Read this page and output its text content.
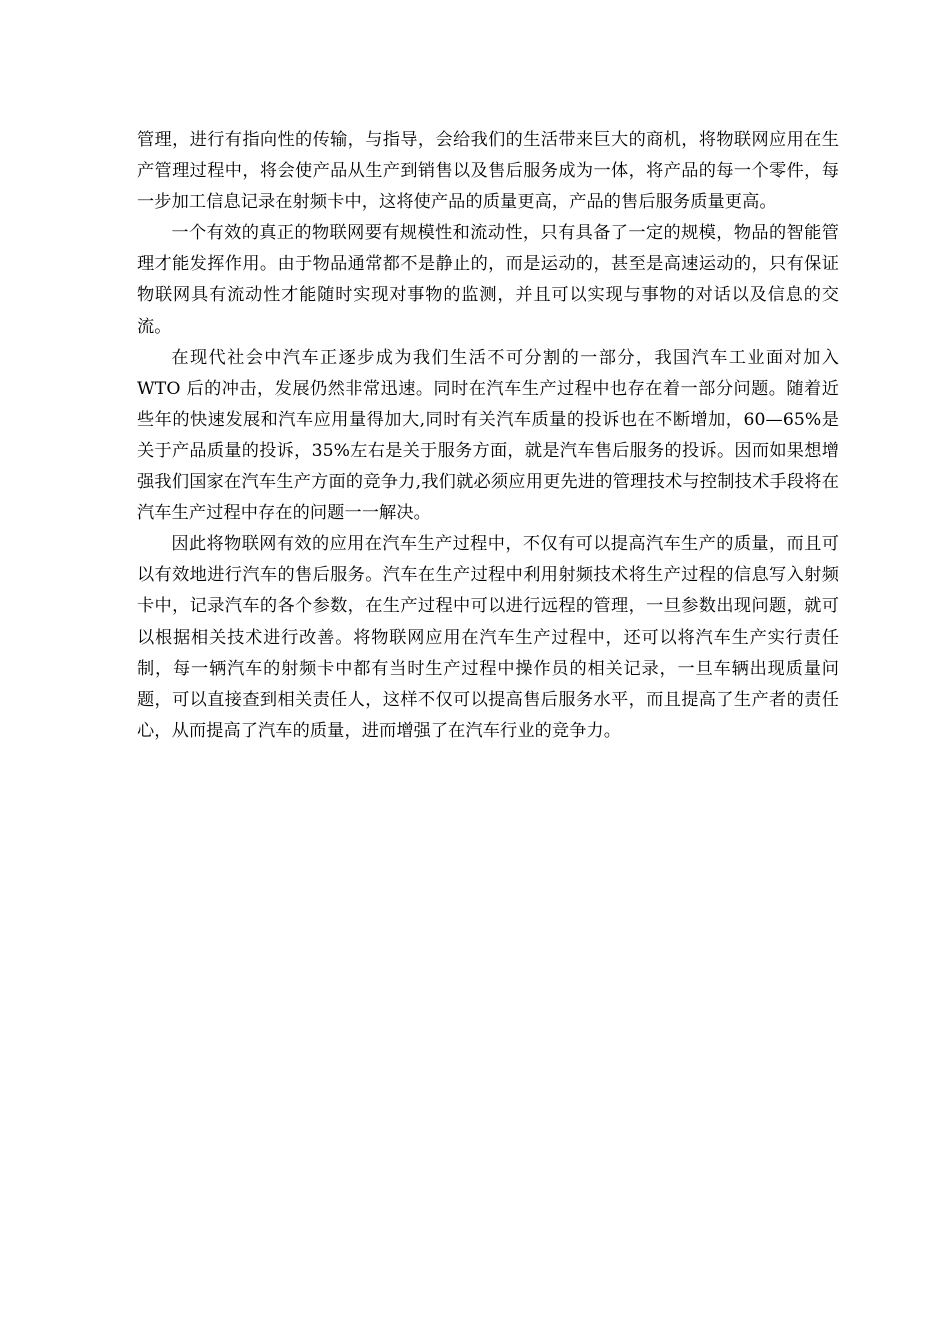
管理，进行有指向性的传输，与指导，会给我们的生活带来巨大的商机，将物联网应用在生产管理过程中，将会使产品从生产到销售以及售后服务成为一体，将产品的每一个零件，每一步加工信息记录在射频卡中，这将使产品的质量更高，产品的售后服务质量更高。

一个有效的真正的物联网要有规模性和流动性，只有具备了一定的规模，物品的智能管理才能发挥作用。由于物品通常都不是静止的，而是运动的，甚至是高速运动的，只有保证物联网具有流动性才能随时实现对事物的监测，并且可以实现与事物的对话以及信息的交流。

在现代社会中汽车正逐步成为我们生活不可分割的一部分，我国汽车工业面对加入 WTO 后的冲击，发展仍然非常迅速。同时在汽车生产过程中也存在着一部分问题。随着近些年的快速发展和汽车应用量得加大,同时有关汽车质量的投诉也在不断增加，60—65%是关于产品质量的投诉，35%左右是关于服务方面，就是汽车售后服务的投诉。因而如果想增强我们国家在汽车生产方面的竞争力,我们就必须应用更先进的管理技术与控制技术手段将在汽车生产过程中存在的问题一一解决。

因此将物联网有效的应用在汽车生产过程中，不仅有可以提高汽车生产的质量，而且可以有效地进行汽车的售后服务。汽车在生产过程中利用射频技术将生产过程的信息写入射频卡中，记录汽车的各个参数，在生产过程中可以进行远程的管理，一旦参数出现问题，就可以根据相关技术进行改善。将物联网应用在汽车生产过程中，还可以将汽车生产实行责任制，每一辆汽车的射频卡中都有当时生产过程中操作员的相关记录，一旦车辆出现质量问题，可以直接查到相关责任人，这样不仅可以提高售后服务水平，而且提高了生产者的责任心，从而提高了汽车的质量，进而增强了在汽车行业的竞争力。
